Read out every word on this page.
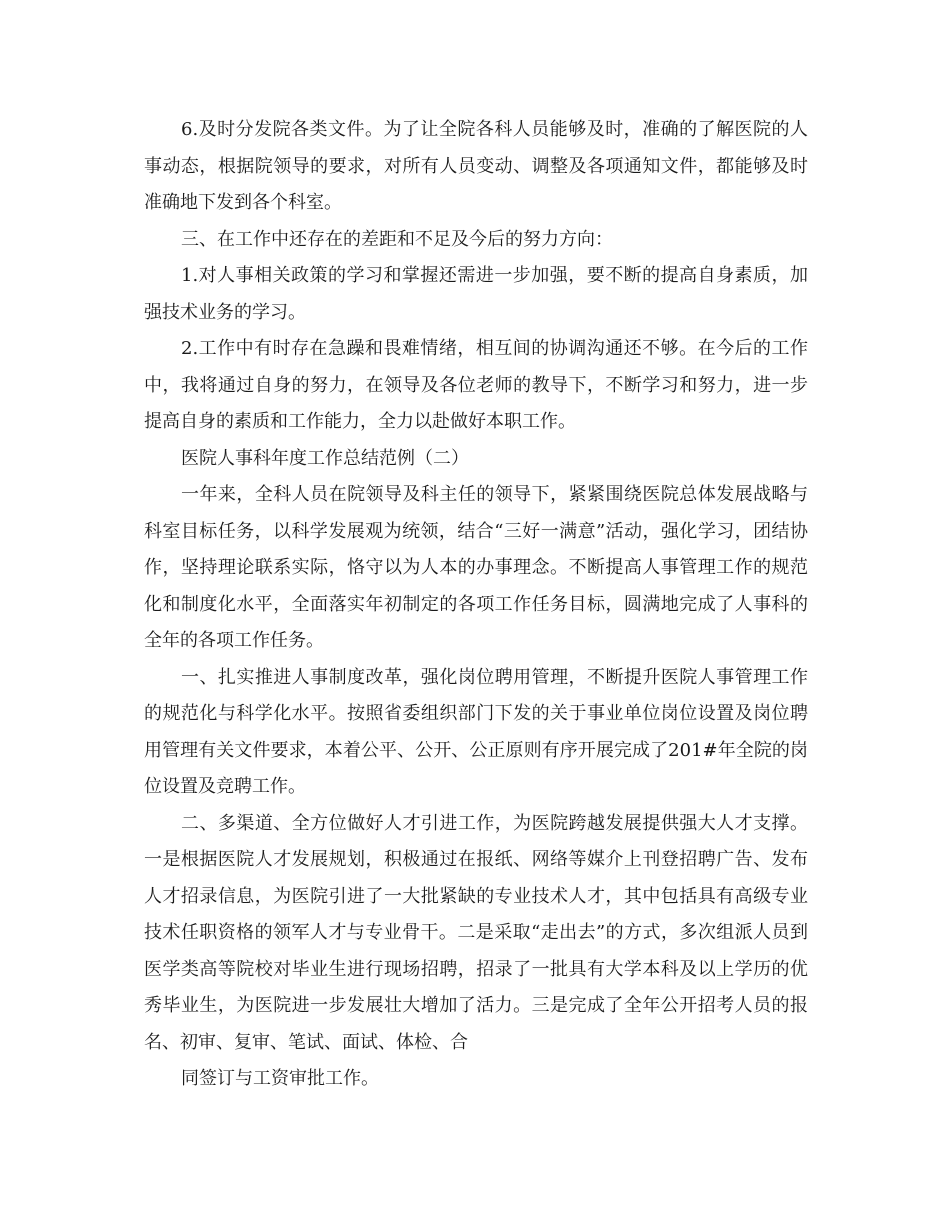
6.及时分发院各类文件。为了让全院各科人员能够及时，准确的了解医院的人事动态，根据院领导的要求，对所有人员变动、调整及各项通知文件，都能够及时准确地下发到各个科室。

三、在工作中还存在的差距和不足及今后的努力方向：

1.对人事相关政策的学习和掌握还需进一步加强，要不断的提高自身素质，加强技术业务的学习。

2.工作中有时存在急躁和畏难情绪，相互间的协调沟通还不够。在今后的工作中，我将通过自身的努力，在领导及各位老师的教导下，不断学习和努力，进一步提高自身的素质和工作能力，全力以赴做好本职工作。

医院人事科年度工作总结范例（二）

一年来，全科人员在院领导及科主任的领导下，紧紧围绕医院总体发展战略与科室目标任务，以科学发展观为统领，结合“三好一满意”活动，强化学习，团结协作，坚持理论联系实际，恪守以为人本的办事理念。不断提高人事管理工作的规范化和制度化水平，全面落实年初制定的各项工作任务目标，圆满地完成了人事科的全年的各项工作任务。

一、扎实推进人事制度改革，强化岗位聘用管理，不断提升医院人事管理工作的规范化与科学化水平。按照省委组织部门下发的关于事业单位岗位设置及岗位聘用管理有关文件要求，本着公平、公开、公正原则有序开展完成了201#年全院的岗位设置及竞聘工作。

二、多渠道、全方位做好人才引进工作，为医院跨越发展提供强大人才支撑。一是根据医院人才发展规划，积极通过在报纸、网络等媒介上刊登招聘广告、发布人才招录信息，为医院引进了一大批紧缺的专业技术人才，其中包括具有高级专业技术任职资格的领军人才与专业骨干。二是采取“走出去”的方式，多次组派人员到医学类高等院校对毕业生进行现场招聘，招录了一批具有大学本科及以上学历的优秀毕业生，为医院进一步发展壮大增加了活力。三是完成了全年公开招考人员的报名、初审、复审、笔试、面试、体检、合

同签订与工资审批工作。
